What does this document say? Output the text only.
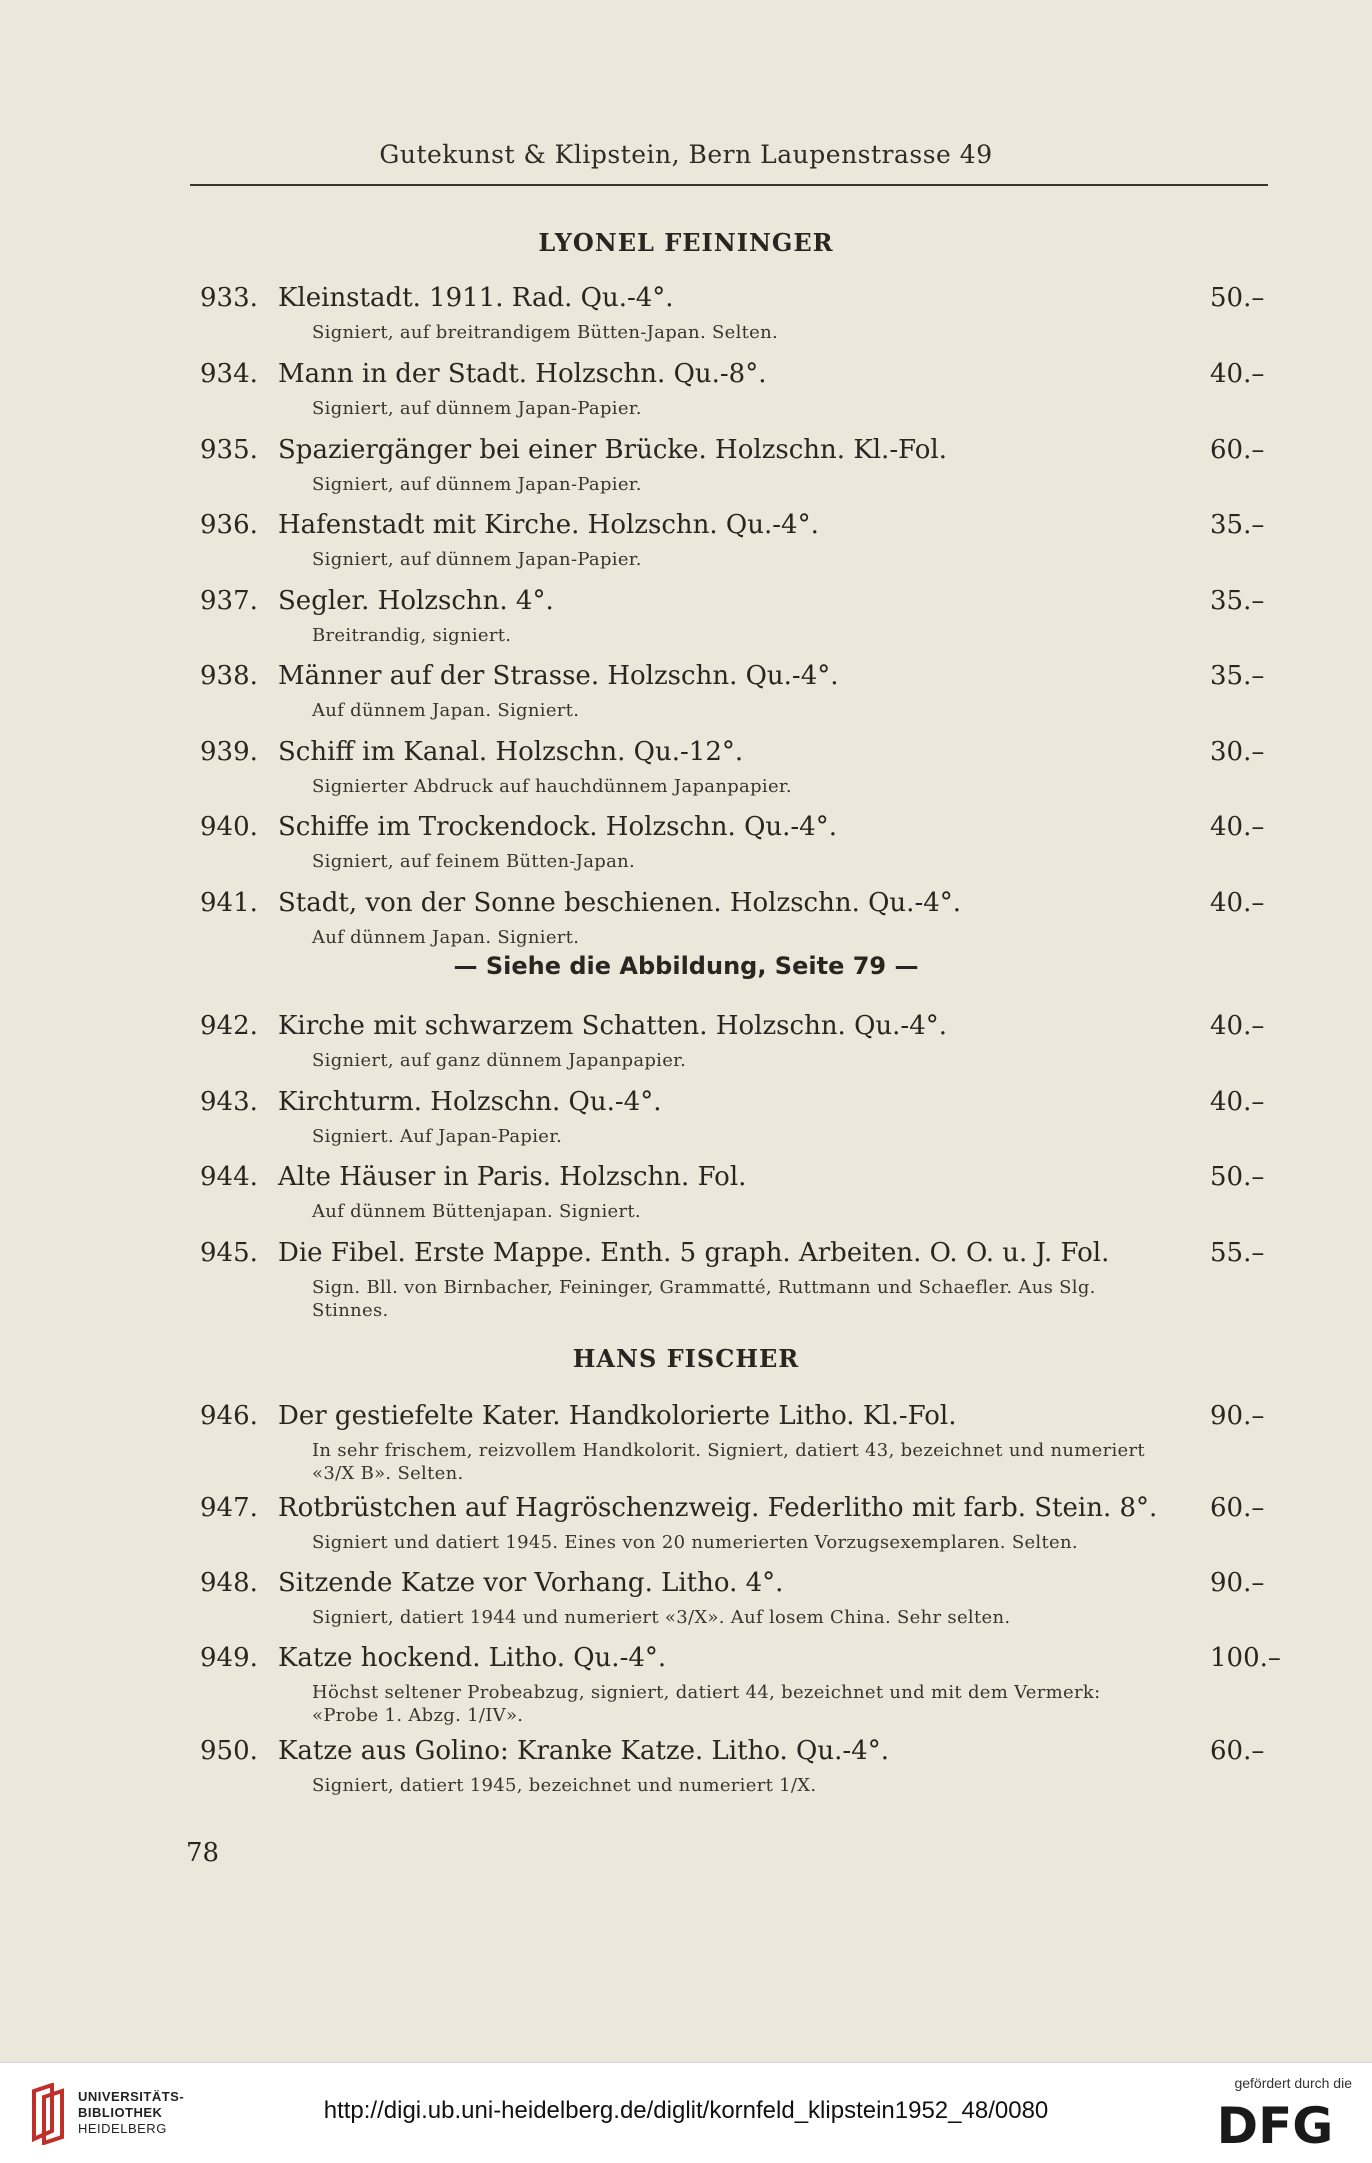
Gutekunst & Klipstein, Bern Laupenstrasse 49
LYONEL FEININGER
933. Kleinstadt. 1911. Rad. Qu.-4°.	50.–
Signiert, auf breitrandigem Bütten-Japan. Selten.
934. Mann in der Stadt. Holzschn. Qu.-8°.	40.–
Signiert, auf dünnem Japan-Papier.
935. Spaziergänger bei einer Brücke. Holzschn. Kl.-Fol.	60.–
Signiert, auf dünnem Japan-Papier.
936. Hafenstadt mit Kirche. Holzschn. Qu.-4°.	35.–
Signiert, auf dünnem Japan-Papier.
937. Segler. Holzschn. 4°.	35.–
Breitrandig, signiert.
938. Männer auf der Strasse. Holzschn. Qu.-4°.	35.–
Auf dünnem Japan. Signiert.
939. Schiff im Kanal. Holzschn. Qu.-12°.	30.–
Signierter Abdruck auf hauchdünnem Japanpapier.
940. Schiffe im Trockendock. Holzschn. Qu.-4°.	40.–
Signiert, auf feinem Bütten-Japan.
941. Stadt, von der Sonne beschienen. Holzschn. Qu.-4°.	40.–
Auf dünnem Japan. Signiert.
942. Kirche mit schwarzem Schatten. Holzschn. Qu.-4°.	40.–
Signiert, auf ganz dünnem Japanpapier.
943. Kirchturm. Holzschn. Qu.-4°.	40.–
Signiert. Auf Japan-Papier.
944. Alte Häuser in Paris. Holzschn. Fol.	50.–
Auf dünnem Büttenjapan. Signiert.
945. Die Fibel. Erste Mappe. Enth. 5 graph. Arbeiten. O. O. u. J. Fol.	55.–
Sign. Bll. von Birnbacher, Feininger, Grammatté, Ruttmann und Schaefler. Aus Slg. Stinnes.
946. Der gestiefelte Kater. Handkolorierte Litho. Kl.-Fol.	90.–
In sehr frischem, reizvollem Handkolorit. Signiert, datiert 43, bezeichnet und numeriert «3/X B». Selten.
947. Rotbrüstchen auf Hagröschenzweig. Federlitho mit farb. Stein. 8°. 60.–
Signiert und datiert 1945. Eines von 20 numerierten Vorzugsexemplaren. Selten.
948. Sitzende Katze vor Vorhang. Litho. 4°.	90.–
Signiert, datiert 1944 und numeriert «3/X». Auf losem China. Sehr selten.
949. Katze hockend. Litho. Qu.-4°.	100.–
Höchst seltener Probeabzug, signiert, datiert 44, bezeichnet und mit dem Vermerk: «Probe 1. Abzg. 1/IV».
950. Katze aus Golino: Kranke Katze. Litho. Qu.-4°.	60.–
Signiert, datiert 1945, bezeichnet und numeriert 1/X.
— Siehe die Abbildung, Seite 79 —
HANS FISCHER
78
UNIVERSITÄTS-
BIBLIOTHEK
HEIDELBERG
http://digi.ub.uni-heidelberg.de/diglit/kornfeld_klipstein1952_48/0080
gefördert durch die
DFG
